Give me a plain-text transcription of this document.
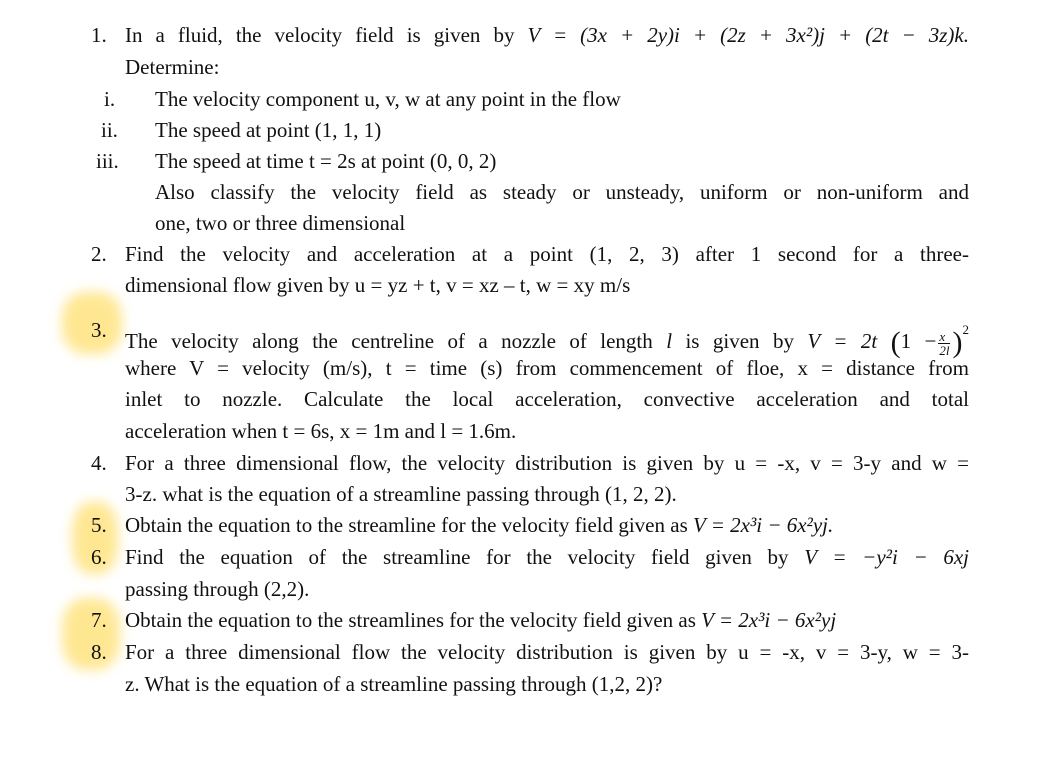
1. In a fluid, the velocity field is given by V = (3x + 2y)i + (2z + 3x²)j + (2t − 3z)k.
Determine:
i. The velocity component u, v, w at any point in the flow
ii. The speed at point (1, 1, 1)
iii. The speed at time t = 2s at point (0, 0, 2)
Also classify the velocity field as steady or unsteady, uniform or non-uniform and
one, two or three dimensional
2. Find the velocity and acceleration at a point (1, 2, 3) after 1 second for a three-
dimensional flow given by u = yz + t, v = xz – t, w = xy m/s
3. The velocity along the centreline of a nozzle of length l is given by V = 2t $(1 - \frac{x}{2l} )^2$
where V = velocity (m/s), t = time (s) from commencement of floe, x = distance from
inlet to nozzle. Calculate the local acceleration, convective acceleration and total
acceleration when t = 6s, x = 1m and l = 1.6m.
4. For a three dimensional flow, the velocity distribution is given by u = -x, v = 3-y and w =
3-z. what is the equation of a streamline passing through (1, 2, 2).
5. Obtain the equation to the streamline for the velocity field given as V = 2x³i − 6x²yj.
6. Find the equation of the streamline for the velocity field given by V = −y²i − 6xj
passing through (2,2).
7. Obtain the equation to the streamlines for the velocity field given as V = 2x³i − 6x²yj
8. For a three dimensional flow the velocity distribution is given by u = -x, v = 3-y, w = 3-
z. What is the equation of a streamline passing through (1,2, 2)?
